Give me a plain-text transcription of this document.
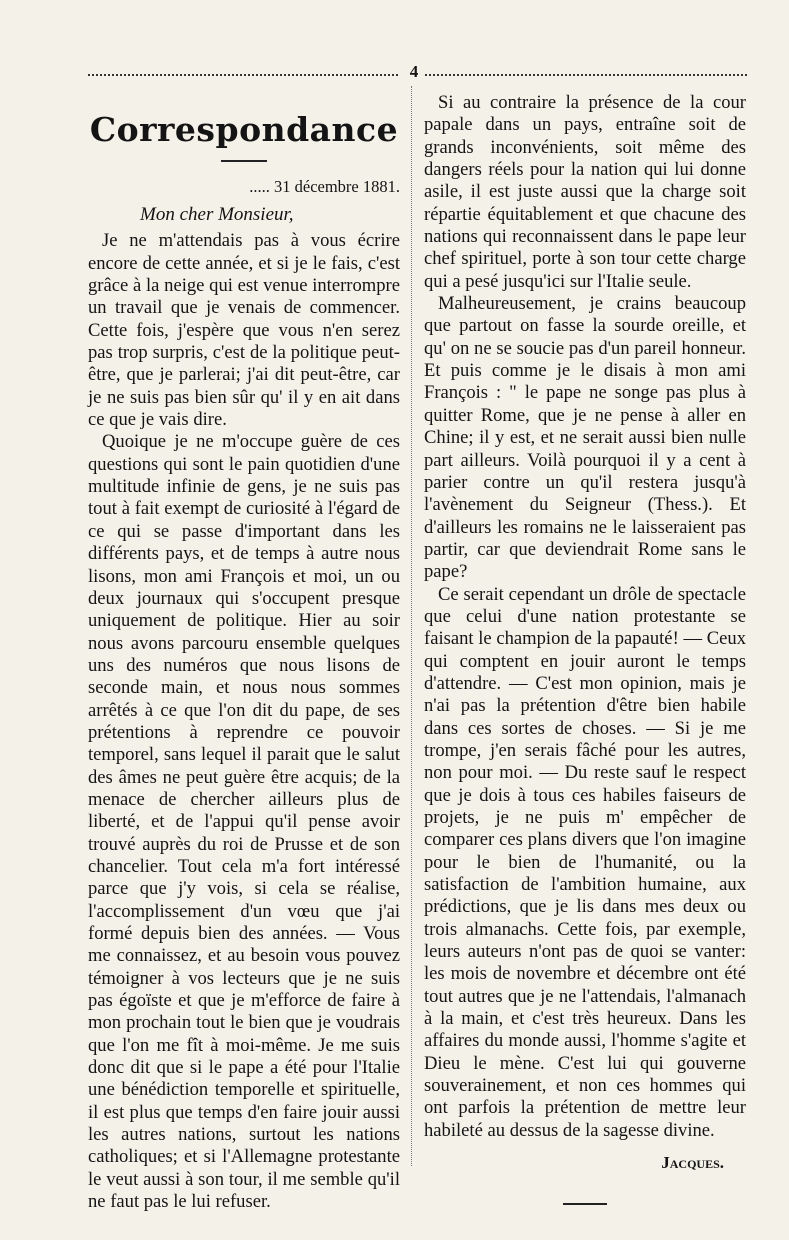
4
Correspondance
..... 31 décembre 1881.
Mon cher Monsieur,

Je ne m'attendais pas à vous écrire encore de cette année, et si je le fais, c'est grâce à la neige qui est venue interrompre un travail que je venais de commencer. Cette fois, j'espère que vous n'en serez pas trop surpris, c'est de la politique peut-être, que je parlerai; j'ai dit peut-être, car je ne suis pas bien sûr qu' il y en ait dans ce que je vais dire.

Quoique je ne m'occupe guère de ces questions qui sont le pain quotidien d'une multitude infinie de gens, je ne suis pas tout à fait exempt de curiosité à l'égard de ce qui se passe d'important dans les différents pays, et de temps à autre nous lisons, mon ami François et moi, un ou deux journaux qui s'occupent presque uniquement de politique. Hier au soir nous avons parcouru ensemble quelques uns des numéros que nous lisons de seconde main, et nous nous sommes arrêtés à ce que l'on dit du pape, de ses prétentions à reprendre ce pouvoir temporel, sans lequel il parait que le salut des âmes ne peut guère être acquis; de la menace de chercher ailleurs plus de liberté, et de l'appui qu'il pense avoir trouvé auprès du roi de Prusse et de son chancelier. Tout cela m'a fort intéressé parce que j'y vois, si cela se réalise, l'accomplissement d'un vœu que j'ai formé depuis bien des années. — Vous me connaissez, et au besoin vous pouvez témoigner à vos lecteurs que je ne suis pas égoïste et que je m'efforce de faire à mon prochain tout le bien que je voudrais que l'on me fît à moi-même. Je me suis donc dit que si le pape a été pour l'Italie une bénédiction temporelle et spirituelle, il est plus que temps d'en faire jouir aussi les autres nations, surtout les nations catholiques; et si l'Allemagne protestante le veut aussi à son tour, il me semble qu'il ne faut pas le lui refuser.

Si au contraire la présence de la cour papale dans un pays, entraîne soit de grands inconvénients, soit même des dangers réels pour la nation qui lui donne asile, il est juste aussi que la charge soit répartie équitablement et que chacune des nations qui reconnaissent dans le pape leur chef spirituel, porte à son tour cette charge qui a pesé jusqu'ici sur l'Italie seule.

Malheureusement, je crains beaucoup que partout on fasse la sourde oreille, et qu' on ne se soucie pas d'un pareil honneur. Et puis comme je le disais à mon ami François : " le pape ne songe pas plus à quitter Rome, que je ne pense à aller en Chine; il y est, et ne serait aussi bien nulle part ailleurs. Voilà pourquoi il y a cent à parier contre un qu'il restera jusqu'à l'avènement du Seigneur (Thess.). Et d'ailleurs les romains ne le laisseraient pas partir, car que deviendrait Rome sans le pape?

Ce serait cependant un drôle de spectacle que celui d'une nation protestante se faisant le champion de la papauté! — Ceux qui comptent en jouir auront le temps d'attendre. — C'est mon opinion, mais je n'ai pas la prétention d'être bien habile dans ces sortes de choses. — Si je me trompe, j'en serais fâché pour les autres, non pour moi. — Du reste sauf le respect que je dois à tous ces habiles faiseurs de projets, je ne puis m' empêcher de comparer ces plans divers que l'on imagine pour le bien de l'humanité, ou la satisfaction de l'ambition humaine, aux prédictions, que je lis dans mes deux ou trois almanachs. Cette fois, par exemple, leurs auteurs n'ont pas de quoi se vanter: les mois de novembre et décembre ont été tout autres que je ne l'attendais, l'almanach à la main, et c'est très heureux. Dans les affaires du monde aussi, l'homme s'agite et Dieu le mène. C'est lui qui gouverne souverainement, et non ces hommes qui ont parfois la prétention de mettre leur habileté au dessus de la sagesse divine.

Jacques.
